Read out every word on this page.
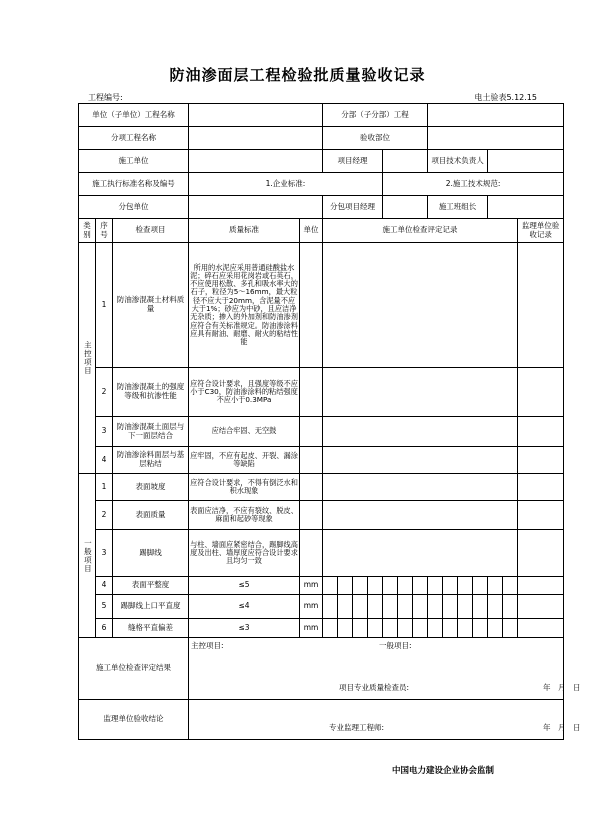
防油渗面层工程检验批质量验收记录
工程编号:	电土验表5.12.15
单位（子单位）工程名称					分部（子分部）工程													
分项工程名称					验收部位													
施工单位					项目经理							项目技术负责人						
施工执行标准名称及编号			1.企业标准:						2.施工技术规范:									
分包单位					分包项目经理							施工班组长						
类别	序号	检查项目	质量标准	单位	施工单位检查评定记录													监理单位验收记录
主控项目	1	防油渗混凝土材料质量	所用的水泥应采用普通硅酸盐水泥；碎石应采用花岗岩或石英石，不应使用松散、多孔和吸水率大的石子，粒径为5～16mm，最大粒径不应大于20mm，含泥量不应大于1%；砂应为中砂，且应洁净无杂质；掺入的外加剂和防油渗剂应符合有关标准规定。防油渗涂料应具有耐油、耐磨、耐火的粘结性能															
	2	防油渗混凝土的强度等级和抗渗性能	应符合设计要求，且强度等级不应小于C30，防油渗涂料的粘结强度不应小于0.3MPa															
	3	防油渗混凝土面层与下一面层结合	应结合牢固、无空鼓															
	4	防油渗涂料面层与基层粘结	应牢固，不应有起皮、开裂、漏涂等缺陷															
一般项目	1	表面坡度	应符合设计要求，不得有倒泛水和积水现象															
	2	表面质量	表面应洁净，不应有裂纹、脱皮、麻面和起砂等现象															
	3	踢脚线	与柱、墙面应紧密结合，踢脚线高度及出柱、墙厚度应符合设计要求且均匀一致															
	4	表面平整度	≤5	mm														
	5	踢脚线上口平直度	≤4	mm														
	6	缝格平直偏差	≤3	mm														
施工单位检查评定结果			主控项目: 一般项目:
项目专业质量检查员: 年　月　日															

监理单位验收结论			专业监理工程师: 年　月　日															
中国电力建设企业协会监制
